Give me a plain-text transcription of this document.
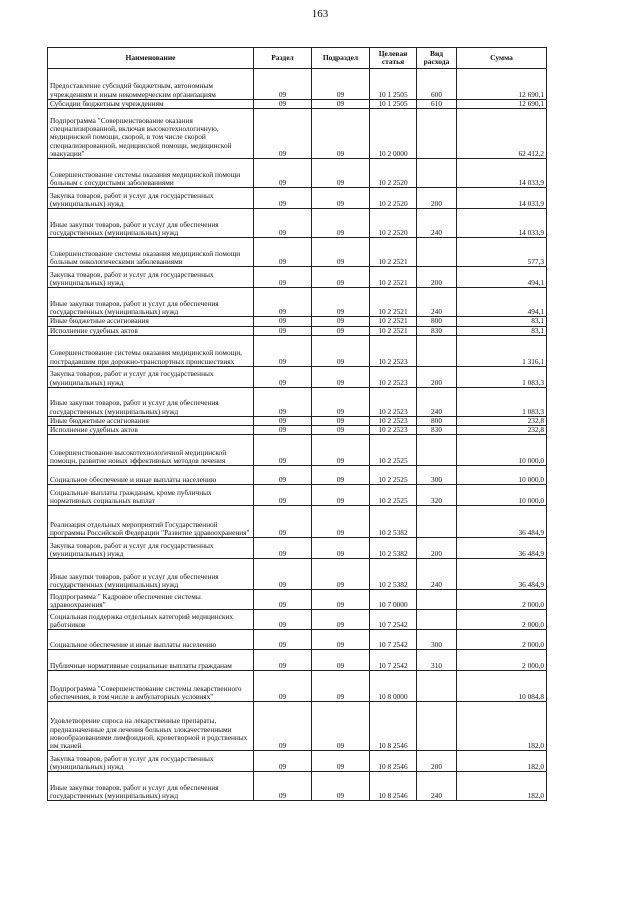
163
Наименование	Раздел	Подраздел	Целевая статья	Вид расхода	Сумма
Предоставление субсидий бюджетным, автономным учреждениям и иным некоммерческим организациям	09	09	10 1 2505	600	12 690,1
Субсидии бюджетным учреждениям	09	09	10 1 2505	610	12 690,1
Подпрограмма "Совершенствование оказания специализированной, включая высокотехнологичную, медицинской помощи, скорой, в том числе скорой специализированной, медицинской помощи, медицинской эвакуации"	09	09	10 2 0000		62 412,2
Совершенствование системы оказания медицинской помощи больным с сосудистыми заболеваниями	09	09	10 2 2520		14 033,9
Закупка товаров, работ и услуг для государственных (муниципальных) нужд	09	09	10 2 2520	200	14 033,9
Иные закупки товаров, работ и услуг для обеспечения государственных (муниципальных) нужд	09	09	10 2 2520	240	14 033,9
Совершенствование системы оказания медицинской помощи больным онкологическими заболеваниями	09	09	10 2 2521		577,3
Закупка товаров, работ и услуг для государственных (муниципальных) нужд	09	09	10 2 2521	200	494,1
Иные закупки товаров, работ и услуг для обеспечения государственных (муниципальных) нужд	09	09	10 2 2521	240	494,1
Иные бюджетные ассигнования	09	09	10 2 2521	800	83,1
Исполнение судебных актов	09	09	10 2 2521	830	83,1
Совершенствование системы оказания медицинской помощи, пострадавшим при дорожно-транспортных происшествиях	09	09	10 2 2523		1 316,1
Закупка товаров, работ и услуг для государственных (муниципальных) нужд	09	09	10 2 2523	200	1 083,3
Иные закупки товаров, работ и услуг для обеспечения государственных (муниципальных) нужд	09	09	10 2 2523	240	1 083,3
Иные бюджетные ассигнования	09	09	10 2 2523	800	232,8
Исполнение судебных актов	09	09	10 2 2523	830	232,8
Совершенствование высокотехнологичной медицинской помощи, развитие новых эффективных методов лечения	09	09	10 2 2525		10 000,0
Социальное обеспечение и иные выплаты населению	09	09	10 2 2525	300	10 000,0
Социальные выплаты гражданам, кроме публичных нормативных социальных выплат	09	09	10 2 2525	320	10 000,0
Реализация отдельных мероприятий Государственной программы Российской Федерации "Развитие здравоохранения"	09	09	10 2 5382		36 484,9
Закупка товаров, работ и услуг для государственных (муниципальных) нужд	09	09	10 2 5382	200	36 484,9
Иные закупки товаров, работ и услуг для обеспечения государственных (муниципальных) нужд	09	09	10 2 5382	240	36 484,9
Подпрограмма " Кадровое обеспечение системы здравоохранения"	09	09	10 7 0000		2 000,0
Социальная поддержка отдельных категорий медицинских работников	09	09	10 7 2542		2 000,0
Социальное обеспечение и иные выплаты населению	09	09	10 7 2542	300	2 000,0
Публичные нормативные социальные выплаты гражданам	09	09	10 7 2542	310	2 000,0
Подпрограмма "Совершенствование системы лекарственного обеспечения, в том числе в амбулаторных условиях"	09	09	10 8 0000		10 084,8
Удовлетворение спроса на лекарственные препараты, предназначенные для лечения больных злокачественными новообразованиями лимфоидной, кроветворной и родственных им тканей	09	09	10 8 2546		182,0
Закупка товаров, работ и услуг для государственных (муниципальных) нужд	09	09	10 8 2546	200	182,0
Иные закупки товаров, работ и услуг для обеспечения государственных (муниципальных) нужд	09	09	10 8 2546	240	182,0
